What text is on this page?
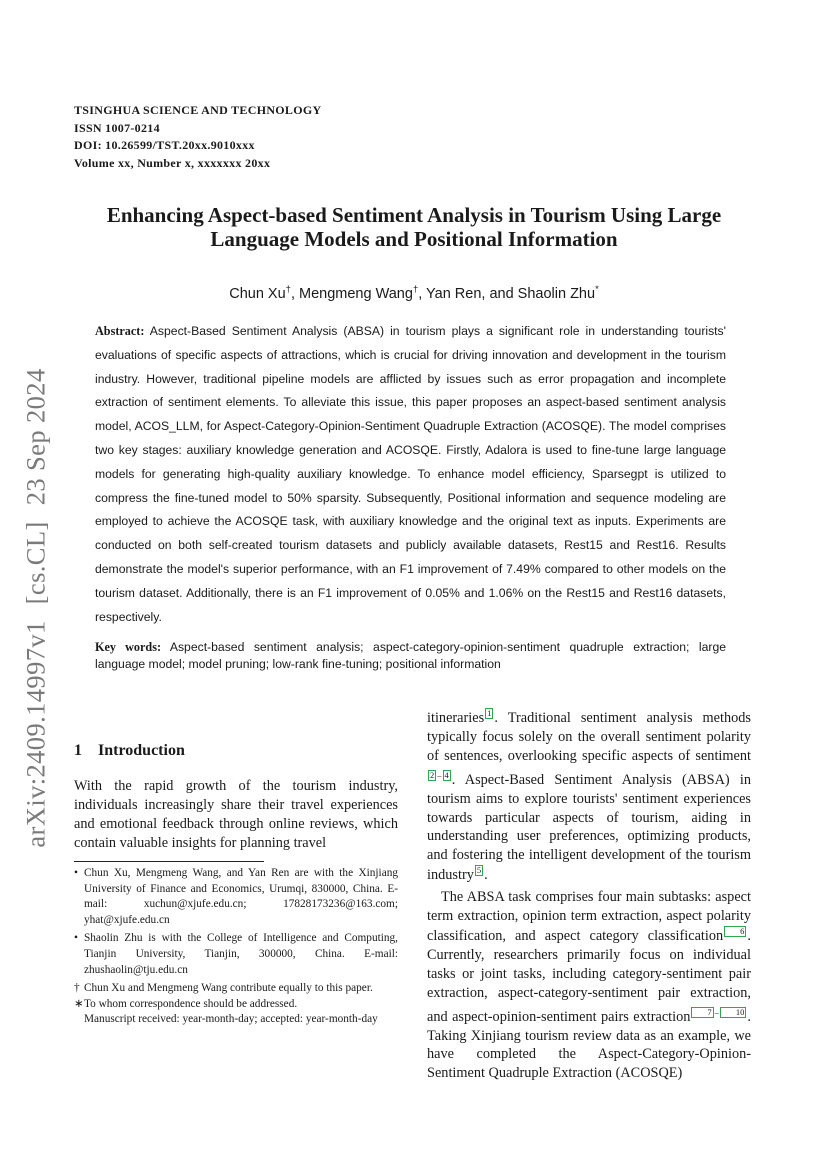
TSINGHUA SCIENCE AND TECHNOLOGY
ISSN 1007-0214
DOI: 10.26599/TST.20xx.9010xxx
Volume xx, Number x, xxxxxxx 20xx
arXiv:2409.14997v1[cs.CL]23 Sep 2024
Enhancing Aspect-based Sentiment Analysis in Tourism Using Large
Language Models and Positional Information
Chun Xu†, Mengmeng Wang†, Yan Ren, and Shaolin Zhu*
Abstract: Aspect-Based Sentiment Analysis (ABSA) in tourism plays a significant role in understanding tourists' evaluations of specific aspects of attractions, which is crucial for driving innovation and development in the tourism industry. However, traditional pipeline models are afflicted by issues such as error propagation and incomplete extraction of sentiment elements. To alleviate this issue, this paper proposes an aspect-based sentiment analysis model, ACOS_LLM, for Aspect-Category-Opinion-Sentiment Quadruple Extraction (ACOSQE). The model comprises two key stages: auxiliary knowledge generation and ACOSQE. Firstly, Adalora is used to fine-tune large language models for generating high-quality auxiliary knowledge. To enhance model efficiency, Sparsegpt is utilized to compress the fine-tuned model to 50% sparsity. Subsequently, Positional information and sequence modeling are employed to achieve the ACOSQE task, with auxiliary knowledge and the original text as inputs. Experiments are conducted on both self-created tourism datasets and publicly available datasets, Rest15 and Rest16. Results demonstrate the model's superior performance, with an F1 improvement of 7.49% compared to other models on the tourism dataset. Additionally, there is an F1 improvement of 0.05% and 1.06% on the Rest15 and Rest16 datasets, respectively.
Key words: Aspect-based sentiment analysis; aspect-category-opinion-sentiment quadruple extraction; large language model; model pruning; low-rank fine-tuning; positional information
1 Introduction
With the rapid growth of the tourism industry, individuals increasingly share their travel experiences and emotional feedback through online reviews, which contain valuable insights for planning travel
• Chun Xu, Mengmeng Wang, and Yan Ren are with the Xinjiang University of Finance and Economics, Urumqi, 830000, China. E-mail: xuchun@xjufe.edu.cn; 17828173236@163.com; yhat@xjufe.edu.cn
• Shaolin Zhu is with the College of Intelligence and Computing, Tianjin University, Tianjin, 300000, China. E-mail: zhushaolin@tju.edu.cn
† Chun Xu and Mengmeng Wang contribute equally to this paper.
∗ To whom correspondence should be addressed.
Manuscript received: year-month-day; accepted: year-month-day

itineraries 1 . Traditional sentiment analysis methods typically focus solely on the overall sentiment polarity of sentences, overlooking specific aspects of sentiment2 – 4 . Aspect-Based Sentiment Analysis (ABSA) in tourism aims to explore tourists' sentiment experiences towards particular aspects of tourism, aiding in understanding user preferences, optimizing products, and fostering the intelligent development of the tourism industry 5 .

The ABSA task comprises four main subtasks: aspect term extraction, opinion term extraction, aspect polarity classification, and aspect category classification 6 . Currently, researchers primarily focus on individual tasks or joint tasks, including category-sentiment pair extraction, aspect-category-sentiment pair extraction, and aspect-opinion-sentiment pairs extraction 7 – 10 . Taking Xinjiang tourism review data as an example, we have completed the Aspect-Category-Opinion-Sentiment Quadruple Extraction (ACOSQE)
